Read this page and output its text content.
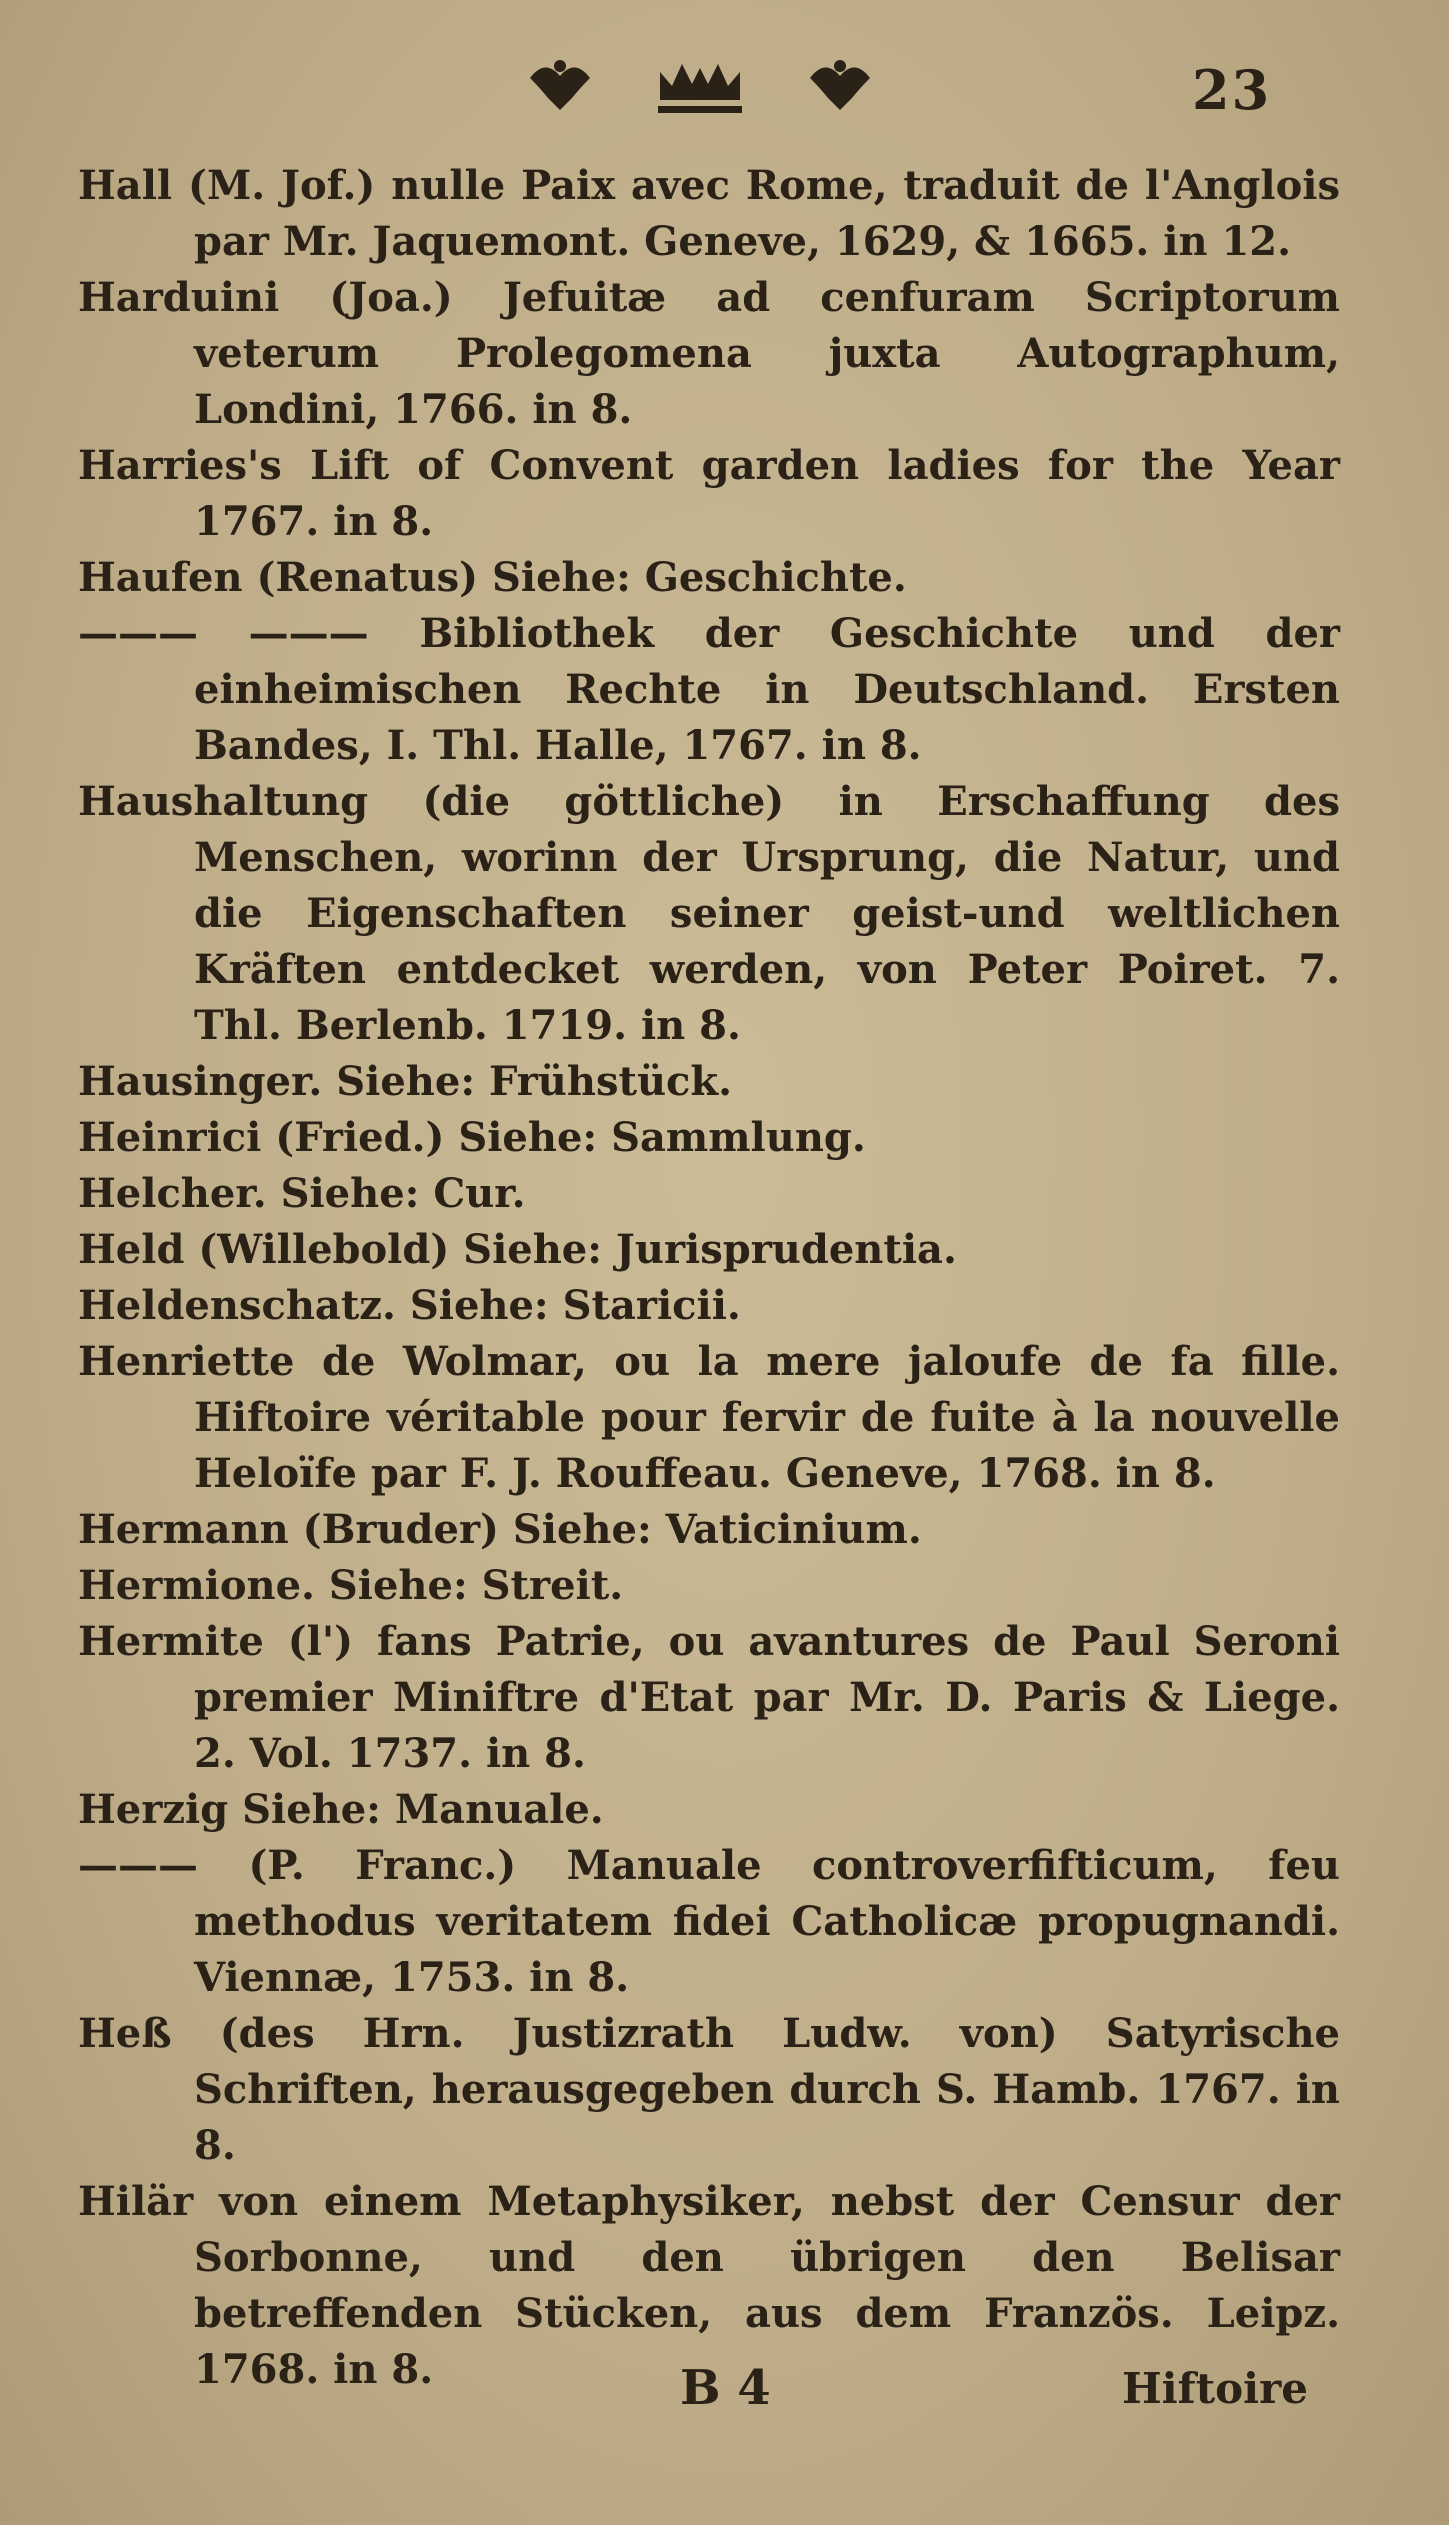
23

Hall (M. Jof.) nulle Paix avec Rome, traduit de l'Anglois par Mr. Jaquemont. Geneve, 1629, & 1665. in 12.

Harduini (Joa.) Jefuitæ ad cenfuram Scriptorum veterum Prolegomena juxta Autographum, Londini, 1766. in 8.

Harries's Lift of Convent garden ladies for the Year 1767. in 8.

Haufen (Renatus) Siehe: Geschichte.

——— ——— Bibliothek der Geschichte und der einheimischen Rechte in Deutschland. Ersten Bandes, I. Thl. Halle, 1767. in 8.

Haushaltung (die göttliche) in Erschaffung des Menschen, worinn der Ursprung, die Natur, und die Eigenschaften seiner geist-und weltlichen Kräften entdecket werden, von Peter Poiret. 7. Thl. Berlenb. 1719. in 8.

Hausinger. Siehe: Frühstück.

Heinrici (Fried.) Siehe: Sammlung.

Helcher. Siehe: Cur.

Held (Willebold) Siehe: Jurisprudentia.

Heldenschatz. Siehe: Staricii.

Henriette de Wolmar, ou la mere jaloufe de fa fille. Hiftoire véritable pour fervir de fuite à la nouvelle Heloïfe par F. J. Rouffeau. Geneve, 1768. in 8.

Hermann (Bruder) Siehe: Vaticinium.

Hermione. Siehe: Streit.

Hermite (l') fans Patrie, ou avantures de Paul Seroni premier Miniftre d'Etat par Mr. D. Paris & Liege. 2. Vol. 1737. in 8.

Herzig Siehe: Manuale.

——— (P. Franc.) Manuale controverfifticum, feu methodus veritatem fidei Catholicæ propugnandi. Viennæ, 1753. in 8.

Heß (des Hrn. Justizrath Ludw. von) Satyrische Schriften, herausgegeben durch S. Hamb. 1767. in 8.

Hilär von einem Metaphysiker, nebst der Censur der Sorbonne, und den übrigen den Belisar betreffenden Stücken, aus dem Französ. Leipz. 1768. in 8.	B 4	Hiftoire
